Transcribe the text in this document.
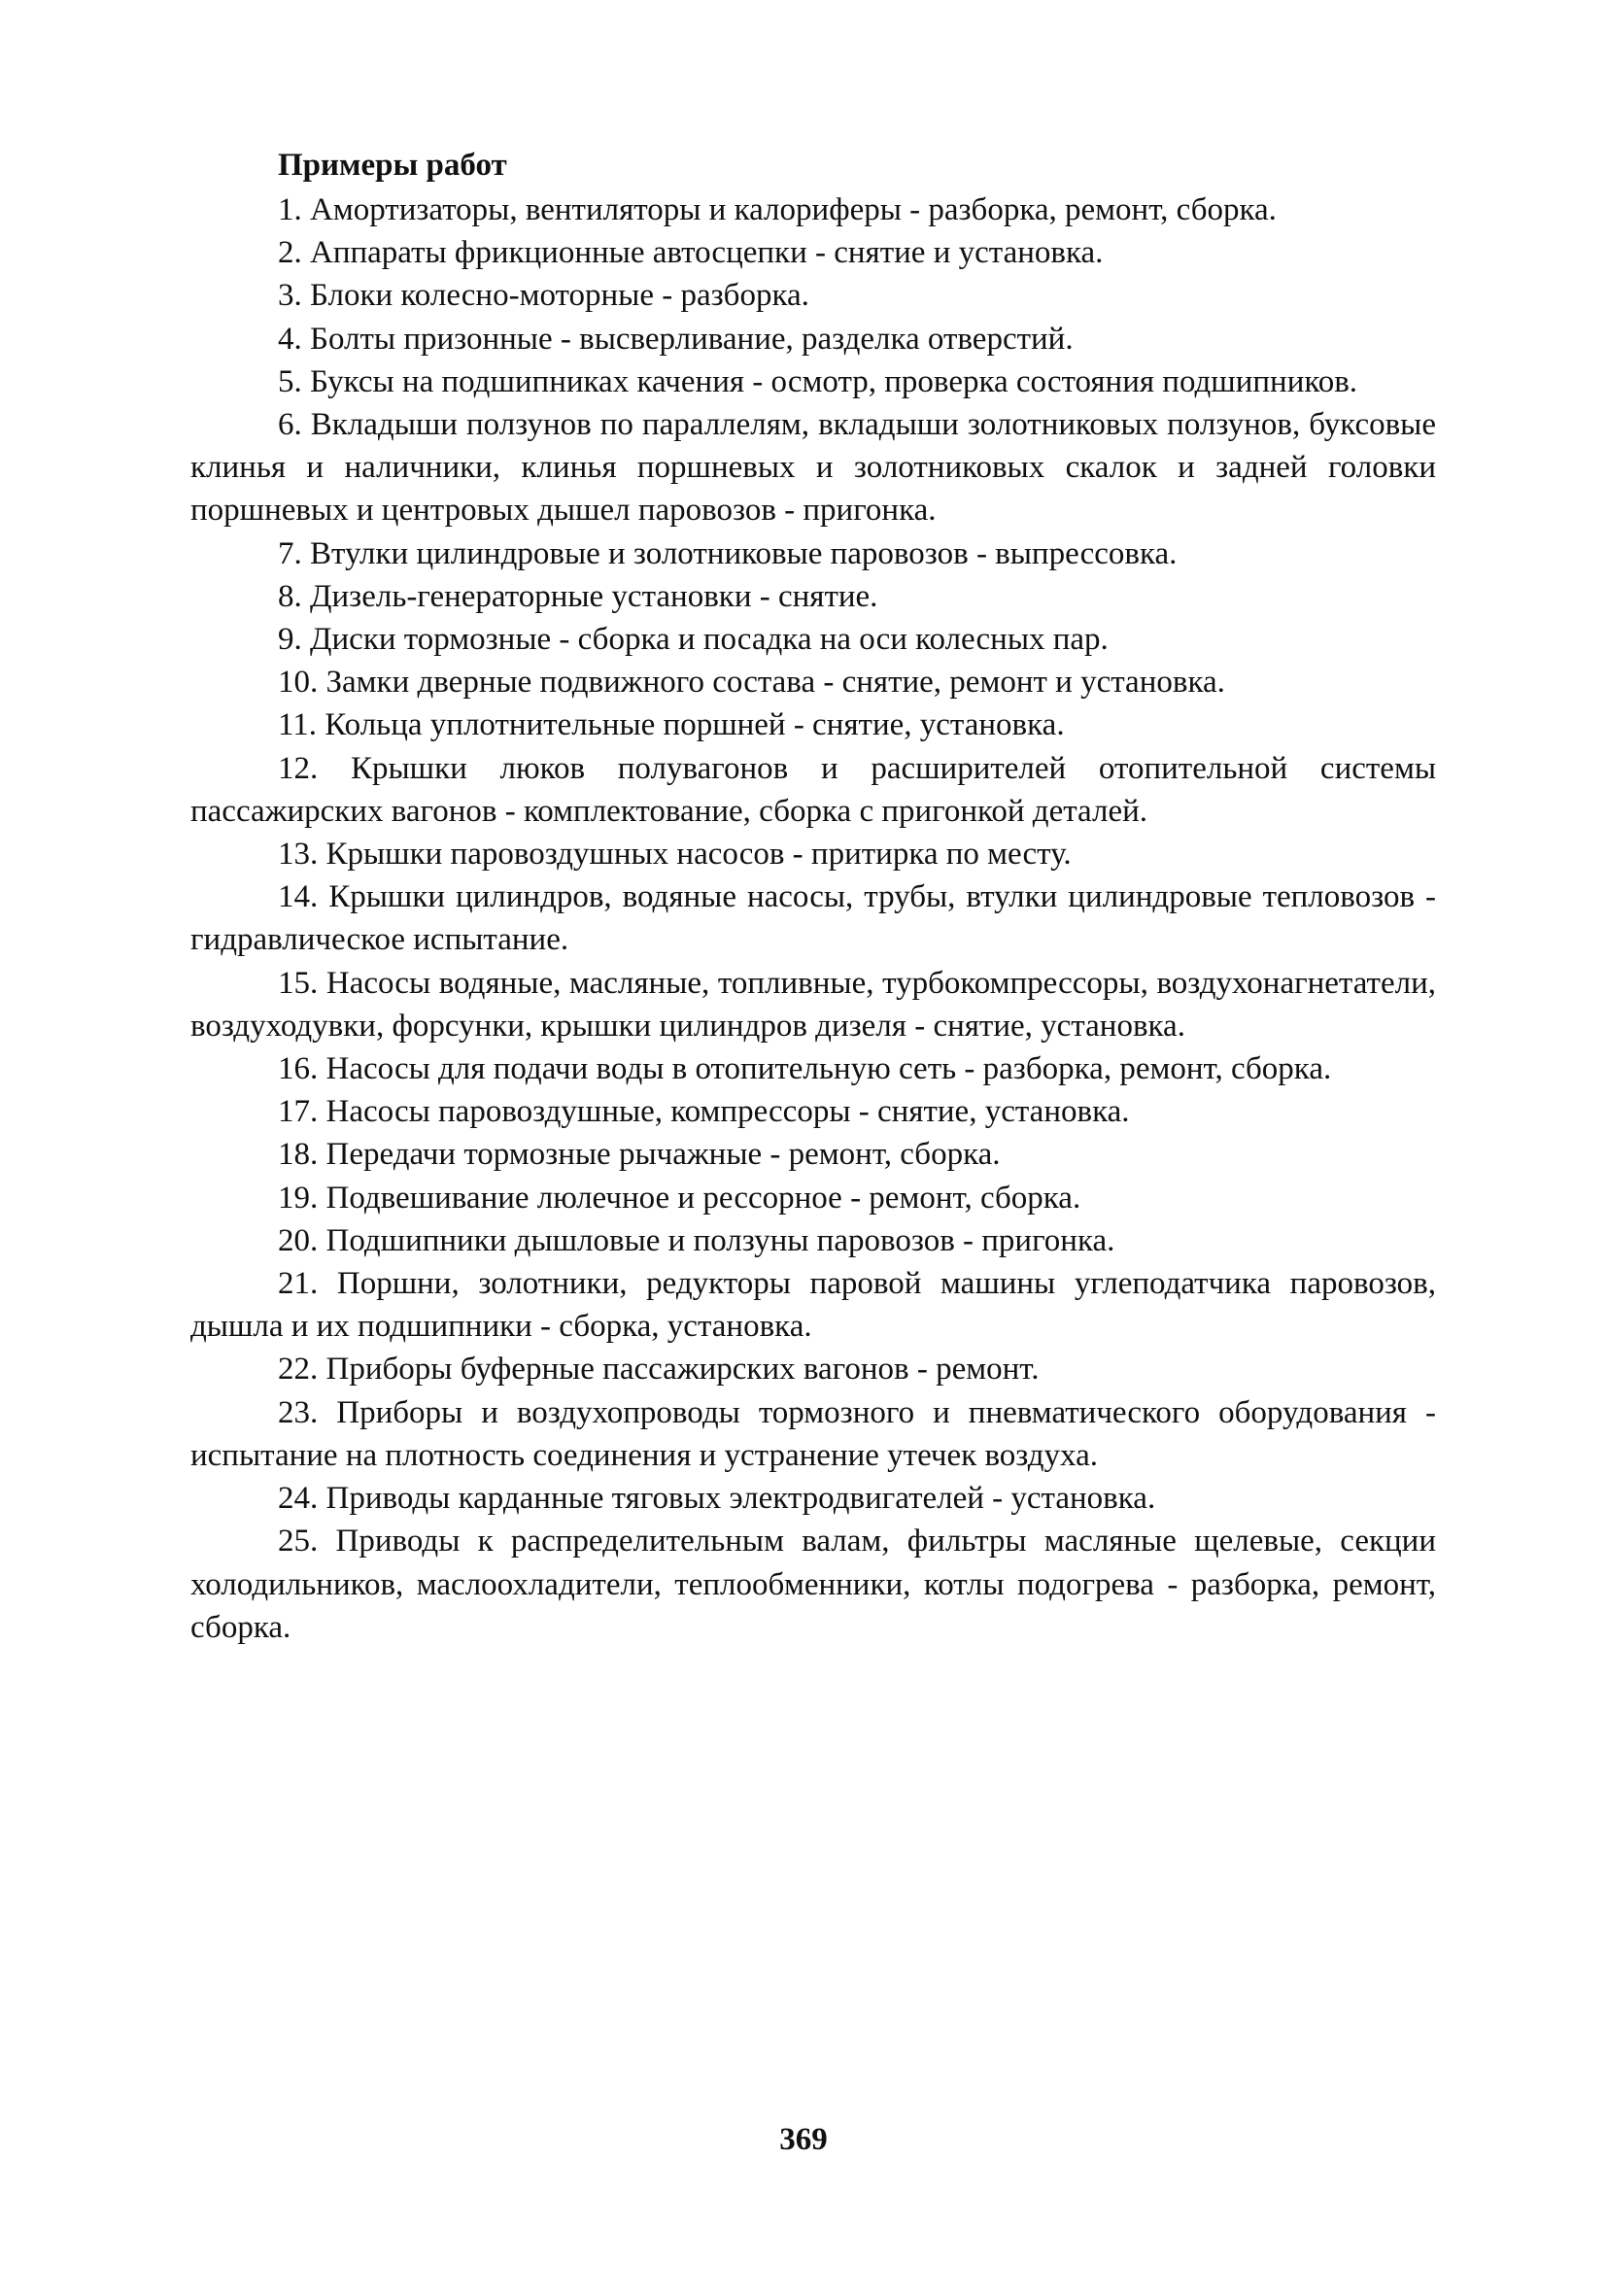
Примеры работ

1. Амортизаторы, вентиляторы и калориферы - разборка, ремонт, сборка.

2. Аппараты фрикционные автосцепки - снятие и установка.

3. Блоки колесно-моторные - разборка.

4. Болты призонные - высверливание, разделка отверстий.

5. Буксы на подшипниках качения - осмотр, проверка состояния подшипников.

6. Вкладыши ползунов по параллелям, вкладыши золотниковых ползунов, буксовые клинья и наличники, клинья поршневых и золотниковых скалок и задней головки поршневых и центровых дышел паровозов - пригонка.

7. Втулки цилиндровые и золотниковые паровозов - выпрессовка.

8. Дизель-генераторные установки - снятие.

9. Диски тормозные - сборка и посадка на оси колесных пар.

10. Замки дверные подвижного состава - снятие, ремонт и установка.

11. Кольца уплотнительные поршней - снятие, установка.

12. Крышки люков полувагонов и расширителей отопительной системы пассажирских вагонов - комплектование, сборка с пригонкой деталей.

13. Крышки паровоздушных насосов - притирка по месту.

14. Крышки цилиндров, водяные насосы, трубы, втулки цилиндровые тепловозов - гидравлическое испытание.

15. Насосы водяные, масляные, топливные, турбокомпрессоры, воздухонагнетатели, воздуходувки, форсунки, крышки цилиндров дизеля - снятие, установка.

16. Насосы для подачи воды в отопительную сеть - разборка, ремонт, сборка.

17. Насосы паровоздушные, компрессоры - снятие, установка.

18. Передачи тормозные рычажные - ремонт, сборка.

19. Подвешивание люлечное и рессорное - ремонт, сборка.

20. Подшипники дышловые и ползуны паровозов - пригонка.

21. Поршни, золотники, редукторы паровой машины углеподатчика паровозов, дышла и их подшипники - сборка, установка.

22. Приборы буферные пассажирских вагонов - ремонт.

23. Приборы и воздухопроводы тормозного и пневматического оборудования - испытание на плотность соединения и устранение утечек воздуха.

24. Приводы карданные тяговых электродвигателей - установка.

25. Приводы к распределительным валам, фильтры масляные щелевые, секции холодильников, маслоохладители, теплообменники, котлы подогрева - разборка, ремонт, сборка.

369
